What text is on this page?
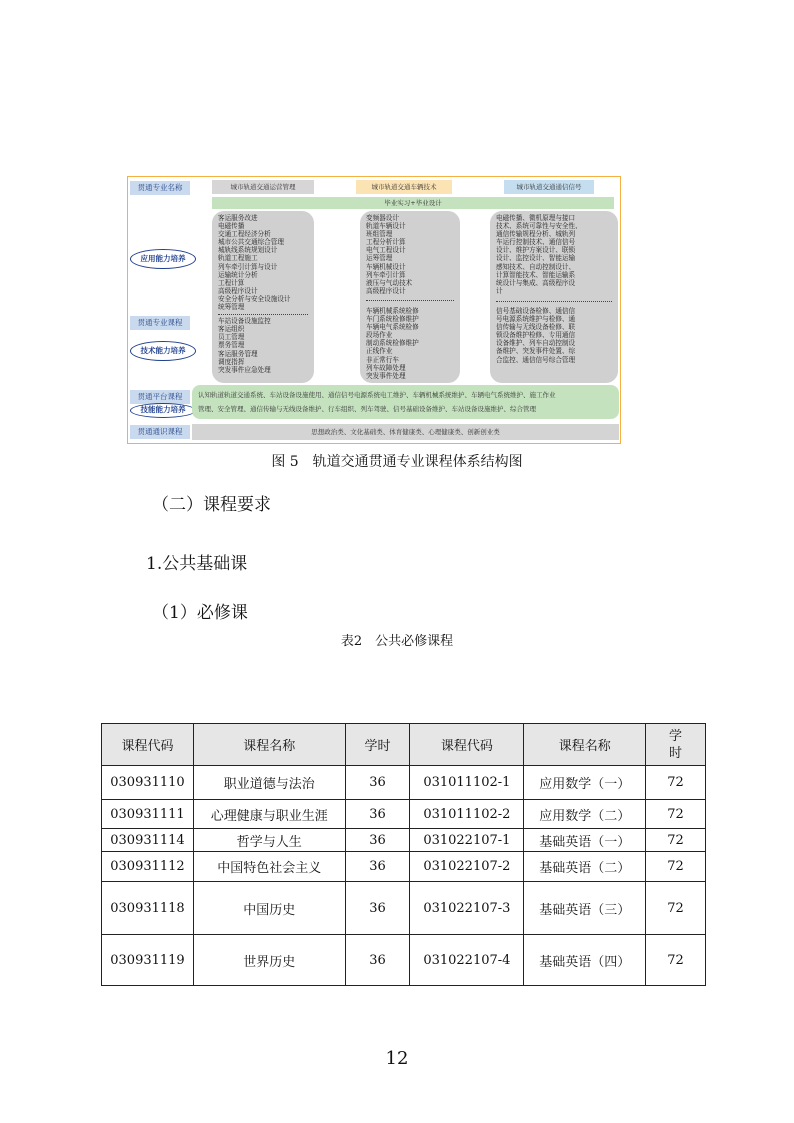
贯通专业名称	城市轨道交通运营管理	城市轨道交通车辆技术	城市轨道交通通信信号
毕业实习+毕业设计
应用能力培养
贯通专业课程
技术能力培养
客运服务改进
电磁传播
交通工程经济分析
城市公共交通综合管理
城轨线系统规划设计
轨道工程施工
列车牵引计算与设计
运输统计分析
工程计算
高级程序设计
安全分析与安全设施设计
统筹管理
车站设备设施监控
客运组织
员工管理
票务管理
客运服务管理
调度指挥
突发事件应急处理
变频器设计
轨道车辆设计
班组管理
工程分析计算
电气工程设计
运筹管理
车辆机械设计
列车牵引计算
液压与气动技术
高级程序设计
车辆机械系统检修
车门系统检修维护
车辆电气系统检修
段场作业
制动系统检修维护
正线作业
非正常行车
列车故障处理
突发事件处理
电磁传播、微机原理与接口
技术、系统可靠性与安全性、
通信传输规程分析、城轨列
车运行控制技术、通信信号
设计、维护方案设计、联锁
设计、监控设计、智能运输
感知技术、自动控制设计、
计算智能技术、智能运输系
统设计与集成、高级程序设
计
信号基础设备检修、通信信
号电源系统维护与检修、通
信传输与无线设备检修、联
锁设备维护检修、专用通信
设备维护、列车自动控制设
备维护、突发事件处置、综
合监控、通信信号综合管理
贯通平台课程
技能能力培养
认知轨道轨道交通系统、车站设备设施使用、通信信号电源系统电工维护、车辆机械系统维护、车辆电气系统维护、施工作业
管理、安全管理、通信传输与无线设备维护、行车组织、列车驾驶、信号基础设备维护、车站设备设施维护、综合管理
贯通通识课程	思想政治类、文化基础类、体育健康类、心理健康类、创新创业类
图 5　轨道交通贯通专业课程体系结构图
（二）课程要求
1.公共基础课
（1）必修课
表2　公共必修课程
课程代码	课程名称	学时	课程代码	课程名称	学时
030931110	职业道德与法治	36	031011102-1	应用数学（一）	72
030931111	心理健康与职业生涯	36	031011102-2	应用数学（二）	72
030931114	哲学与人生	36	031022107-1	基础英语（一）	72
030931112	中国特色社会主义	36	031022107-2	基础英语（二）	72
030931118	中国历史	36	031022107-3	基础英语（三）	72
030931119	世界历史	36	031022107-4	基础英语（四）	72
12
